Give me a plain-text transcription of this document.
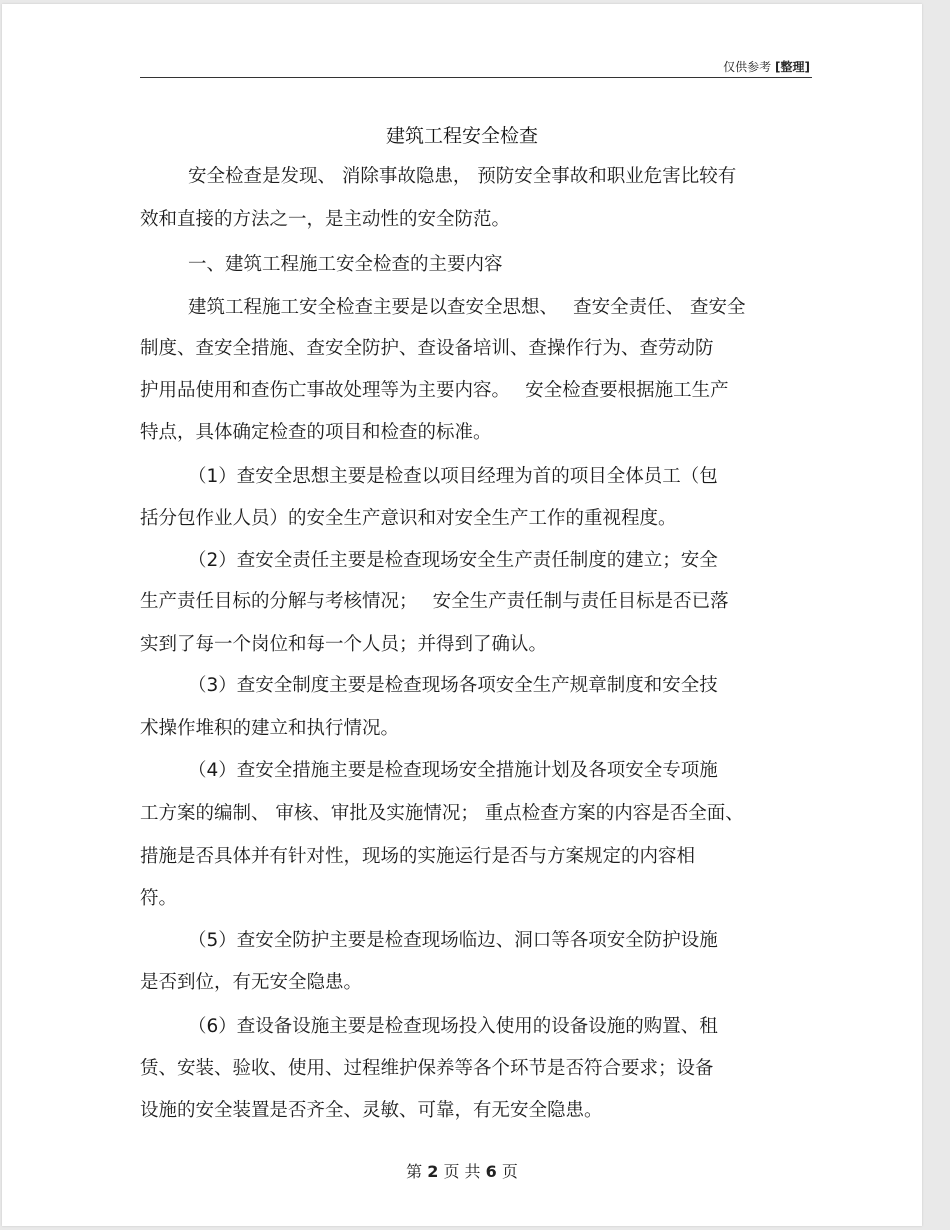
仅供参考 [整理]
建筑工程安全检查
安全检查是发现、 消除事故隐患， 预防安全事故和职业危害比较有
效和直接的方法之一，是主动性的安全防范。
一、建筑工程施工安全检查的主要内容
建筑工程施工安全检查主要是以查安全思想、　 查安全责任、 查安全
制度、查安全措施、查安全防护、查设备培训、查操作行为、查劳动防
护用品使用和查伤亡事故处理等为主要内容。　 安全检查要根据施工生产
特点，具体确定检查的项目和检查的标准。
（1）查安全思想主要是检查以项目经理为首的项目全体员工（包
括分包作业人员）的安全生产意识和对安全生产工作的重视程度。
（2）查安全责任主要是检查现场安全生产责任制度的建立；安全
生产责任目标的分解与考核情况；　 安全生产责任制与责任目标是否已落
实到了每一个岗位和每一个人员；并得到了确认。
（3）查安全制度主要是检查现场各项安全生产规章制度和安全技
术操作堆积的建立和执行情况。
（4）查安全措施主要是检查现场安全措施计划及各项安全专项施
工方案的编制、 审核、审批及实施情况； 重点检查方案的内容是否全面、
措施是否具体并有针对性，现场的实施运行是否与方案规定的内容相
符。
（5）查安全防护主要是检查现场临边、洞口等各项安全防护设施
是否到位，有无安全隐患。
（6）查设备设施主要是检查现场投入使用的设备设施的购置、租
赁、安装、验收、使用、过程维护保养等各个环节是否符合要求；设备
设施的安全装置是否齐全、灵敏、可靠，有无安全隐患。
第 2 页 共 6 页
